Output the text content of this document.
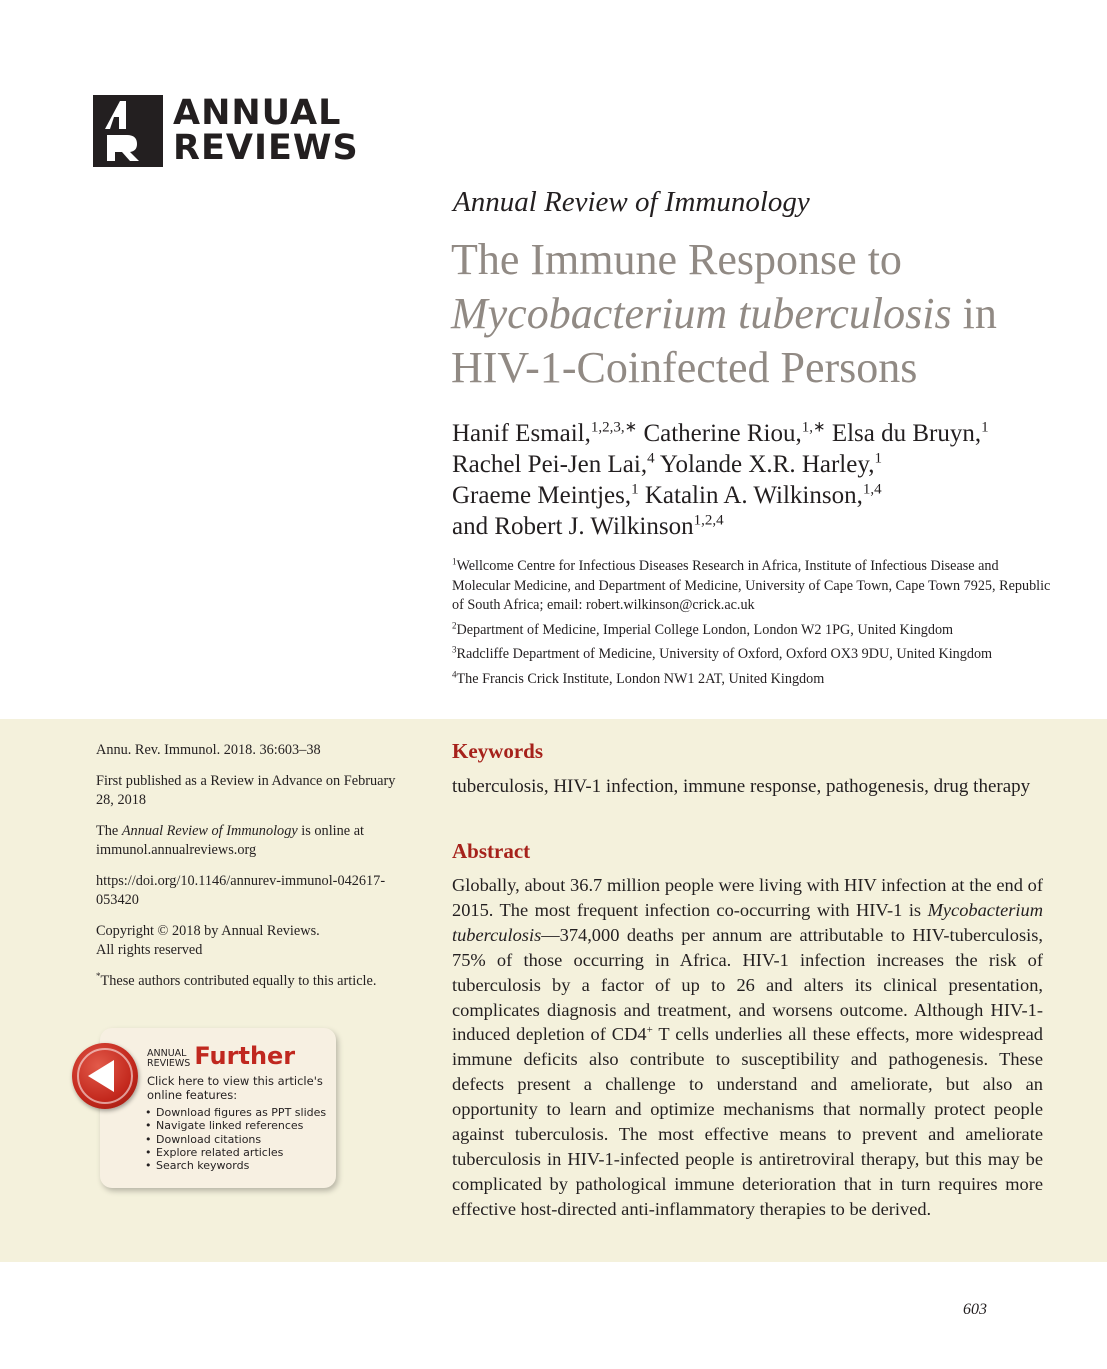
ANNUAL
REVIEWS
Annual Review of Immunology
The Immune Response to
Mycobacterium tuberculosis in
HIV-1-Coinfected Persons
Hanif Esmail,$^{1,2,3,∗}$ Catherine Riou,$^{1,∗}$ Elsa du Bruyn,$^1$
Rachel Pei-Jen Lai,$^4$ Yolande X.R. Harley,$^1$
Graeme Meintjes,$^1$ Katalin A. Wilkinson,$^{1,4}$
and Robert J. Wilkinson$^{1,2,4}$

$^1$Wellcome Centre for Infectious Diseases Research in Africa, Institute of Infectious Disease and Molecular Medicine, and Department of Medicine, University of Cape Town, Cape Town 7925, Republic of South Africa; email: robert.wilkinson@crick.ac.uk

$^2$Department of Medicine, Imperial College London, London W2 1PG, United Kingdom

$^3$Radcliffe Department of Medicine, University of Oxford, Oxford OX3 9DU, United Kingdom

$^4$The Francis Crick Institute, London NW1 2AT, United Kingdom

Annu. Rev. Immunol. 2018. 36:603–38

First published as a Review in Advance on February 28, 2018

The Annual Review of Immunology is online at immunol.annualreviews.org

https://doi.org/10.1146/annurev-immunol-042617-053420

Copyright © 2018 by Annual Reviews.
All rights reserved

*These authors contributed equally to this article.

ANNUAL
REVIEWS Further
Click here to view this article's online features:
• Download figures as PPT slides
• Navigate linked references
• Download citations
• Explore related articles
• Search keywords
Keywords
tuberculosis, HIV-1 infection, immune response, pathogenesis, drug therapy
Abstract
Globally, about 36.7 million people were living with HIV infection at the end of 2015. The most frequent infection co-occurring with HIV-1 is Mycobacterium tuberculosis—374,000 deaths per annum are attributable to HIV-tuberculosis, 75% of those occurring in Africa. HIV-1 infection increases the risk of tuberculosis by a factor of up to 26 and alters its clinical presentation, complicates diagnosis and treatment, and worsens outcome. Although HIV-1-induced depletion of CD4+ T cells underlies all these effects, more widespread immune deficits also contribute to susceptibility and pathogenesis. These defects present a challenge to understand and ameliorate, but also an opportunity to learn and optimize mechanisms that normally protect people against tuberculosis. The most effective means to prevent and ameliorate tuberculosis in HIV-1-infected people is antiretroviral therapy, but this may be complicated by pathological immune deterioration that in turn requires more effective host-directed anti-inflammatory therapies to be derived.
603
